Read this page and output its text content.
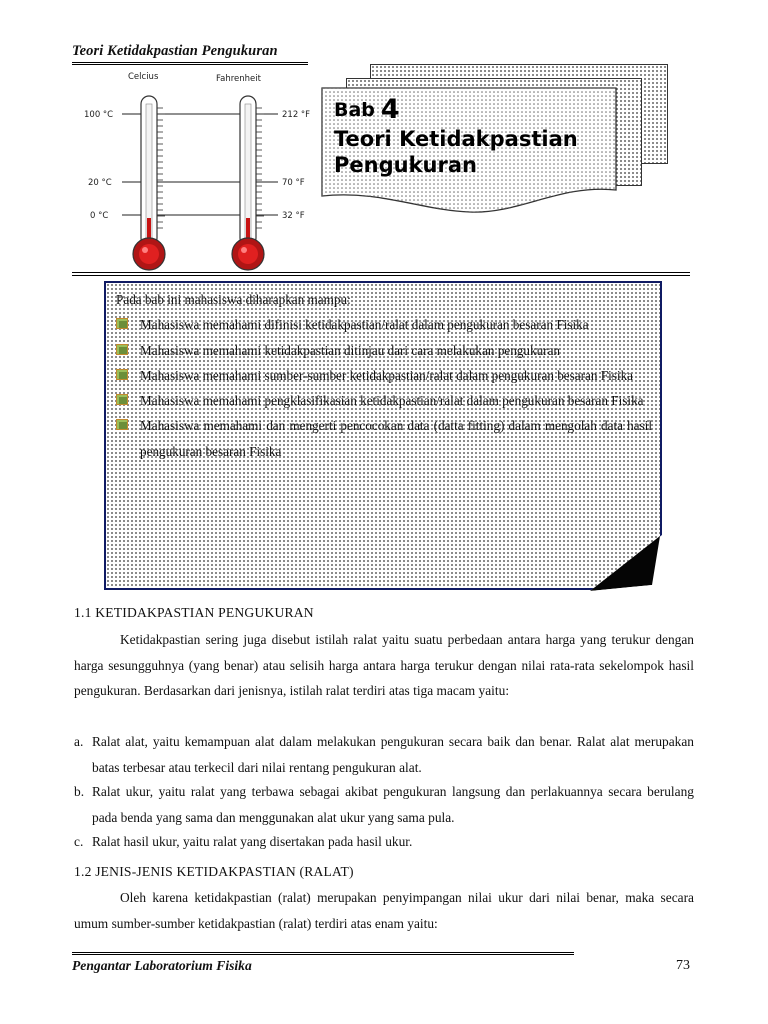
Teori Ketidakpastian Pengukuran
Celcius	Fahrenheit
100 °C
20 °C
0 °C
212 °F
70 °F
32 °F
Bab 4
Teori Ketidakpastian
Pengukuran
Pada bab ini mahasiswa diharapkan mampu:
Mahasiswa memahami difinisi ketidakpastian/ralat dalam pengukuran besaran Fisika
Mahasiswa memahami ketidakpastian ditinjau dari cara melakukan pengukuran
Mahasiswa memahami sumber-sumber ketidakpastian/ralat dalam pengukuran besaran Fisika
Mahasiswa memahami pengklasifikasian ketidakpastian/ralat dalam pengukuran besaran Fisika
Mahasiswa memahami dan mengerti pencocokan data (datta fitting) dalam mengolah data hasil pengukuran besaran Fisika
1.1 KETIDAKPASTIAN PENGUKURAN
Ketidakpastian sering juga disebut istilah ralat yaitu suatu perbedaan antara harga yang terukur dengan harga sesungguhnya (yang benar) atau selisih harga antara harga terukur dengan nilai rata-rata sekelompok hasil pengukuran. Berdasarkan dari jenisnya, istilah ralat terdiri atas tiga macam yaitu:
a. Ralat alat, yaitu kemampuan alat dalam melakukan pengukuran secara baik dan benar. Ralat alat merupakan batas terbesar atau terkecil dari nilai rentang pengukuran alat.
b. Ralat ukur, yaitu ralat yang terbawa sebagai akibat pengukuran langsung dan perlakuannya secara berulang pada benda yang sama dan menggunakan alat ukur yang sama pula.
c. Ralat hasil ukur, yaitu ralat yang disertakan pada hasil ukur.
1.2 JENIS-JENIS KETIDAKPASTIAN (RALAT)
Oleh karena ketidakpastian (ralat) merupakan penyimpangan nilai ukur dari nilai benar, maka secara umum sumber-sumber ketidakpastian (ralat) terdiri atas enam yaitu:
Pengantar Laboratorium Fisika	73
